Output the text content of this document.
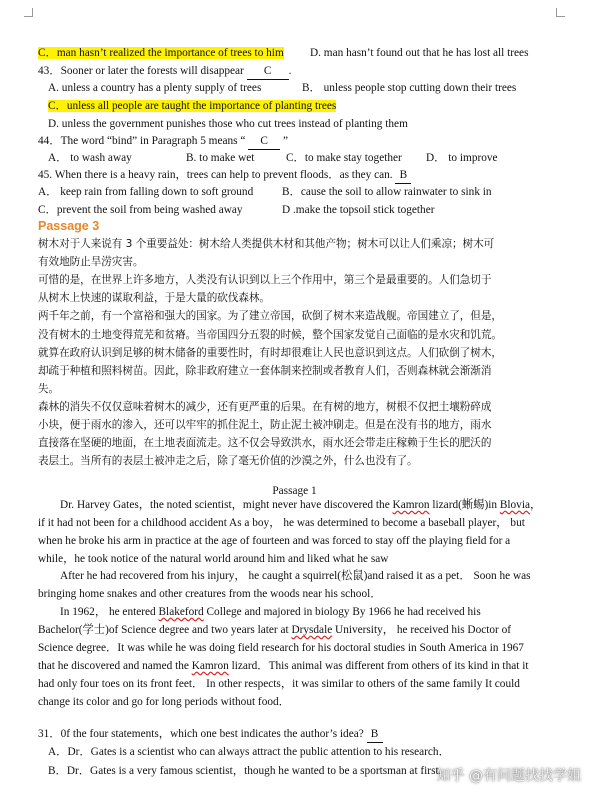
C．man hasn’t realized the importance of trees to him D. man hasn’t found out that he has lost all trees
43．Sooner or later the forests will disappear C .
A. unless a country has a plenty supply of trees	B． unless people stop cutting down their trees
C．unless all people are taught the importance of planting trees
D. unless the government punishes those who cut trees instead of planting them
44．The word “bind” in Paragraph 5 means “ C ”
A． to wash away	B. to make wet	C．to make stay together D． to improve
45. When there is a heavy rain，trees can help to prevent floods．as they can. B
A． keep rain from falling down to soft ground	B．cause the soil to allow rainwater to sink in
C．prevent the soil from being washed away	D .make the topsoil stick together
Passage 3
树木对于人来说有 3 个重要益处：树木给人类提供木材和其他产物；树木可以让人们乘凉；树木可
有效地防止旱涝灾害。
可惜的是，在世界上许多地方，人类没有认识到以上三个作用中，第三个是最重要的。人们急切于
从树木上快速的谋取利益，于是大量的砍伐森林。
两千年之前，有一个富裕和强大的国家。为了建立帝国，砍倒了树木来造战舰。帝国建立了，但是，
没有树木的土地变得荒芜和贫瘠。当帝国四分五裂的时候，整个国家发觉自己面临的是水灾和饥荒。
就算在政府认识到足够的树木储备的重要性时，有时却很难让人民也意识到这点。人们砍倒了树木，
却疏于种植和照料树苗。因此，除非政府建立一套体制来控制或者教育人们，否则森林就会渐渐消
失。
森林的消失不仅仅意味着树木的减少，还有更严重的后果。在有树的地方，树根不仅把土壤粉碎成
小块，便于雨水的渗入，还可以牢牢的抓住泥土，防止泥土被冲刷走。但是在没有书的地方，雨水
直接落在坚硬的地面，在土地表面流走。这不仅会导致洪水，雨水还会带走庄稼赖于生长的肥沃的
表层土。当所有的表层土被冲走之后，除了毫无价值的沙漠之外，什么也没有了。
Passage 1
Dr. Harvey Gates，the noted scientist，might never have discovered the Kamron lizard(蜥蜴)in Blovia，
if it had not been for a childhood accident As a boy， he was determined to become a baseball player， but
when he broke his arm in practice at the age of fourteen and was forced to stay off the playing field for a
while，he took notice of the natural world around him and liked what he saw
After he had recovered from his injury， he caught a squirrel(松鼠)and raised it as a pet． Soon he was
bringing home snakes and other creatures from the woods near his school．
In 1962， he entered Blakeford College and majored in biology By 1966 he had received his
Bachelor(学士)of Science degree and two years later at Drysdale University， he received his Doctor of
Science degree．It was while he was doing field research for his doctoral studies in South America in 1967
that he discovered and named the Kamron lizard．This animal was different from others of its kind in that it
had only four toes on its front feet． In other respects，it was similar to others of the same family It could
change its color and go for long periods without food．
31．0f the four statements，which one best indicates the author’s idea? B
A．Dr．Gates is a scientist who can always attract the public attention to his research．
B．Dr．Gates is a very famous scientist，though he wanted to be a sportsman at first.
知乎 @有问题找找学姐
